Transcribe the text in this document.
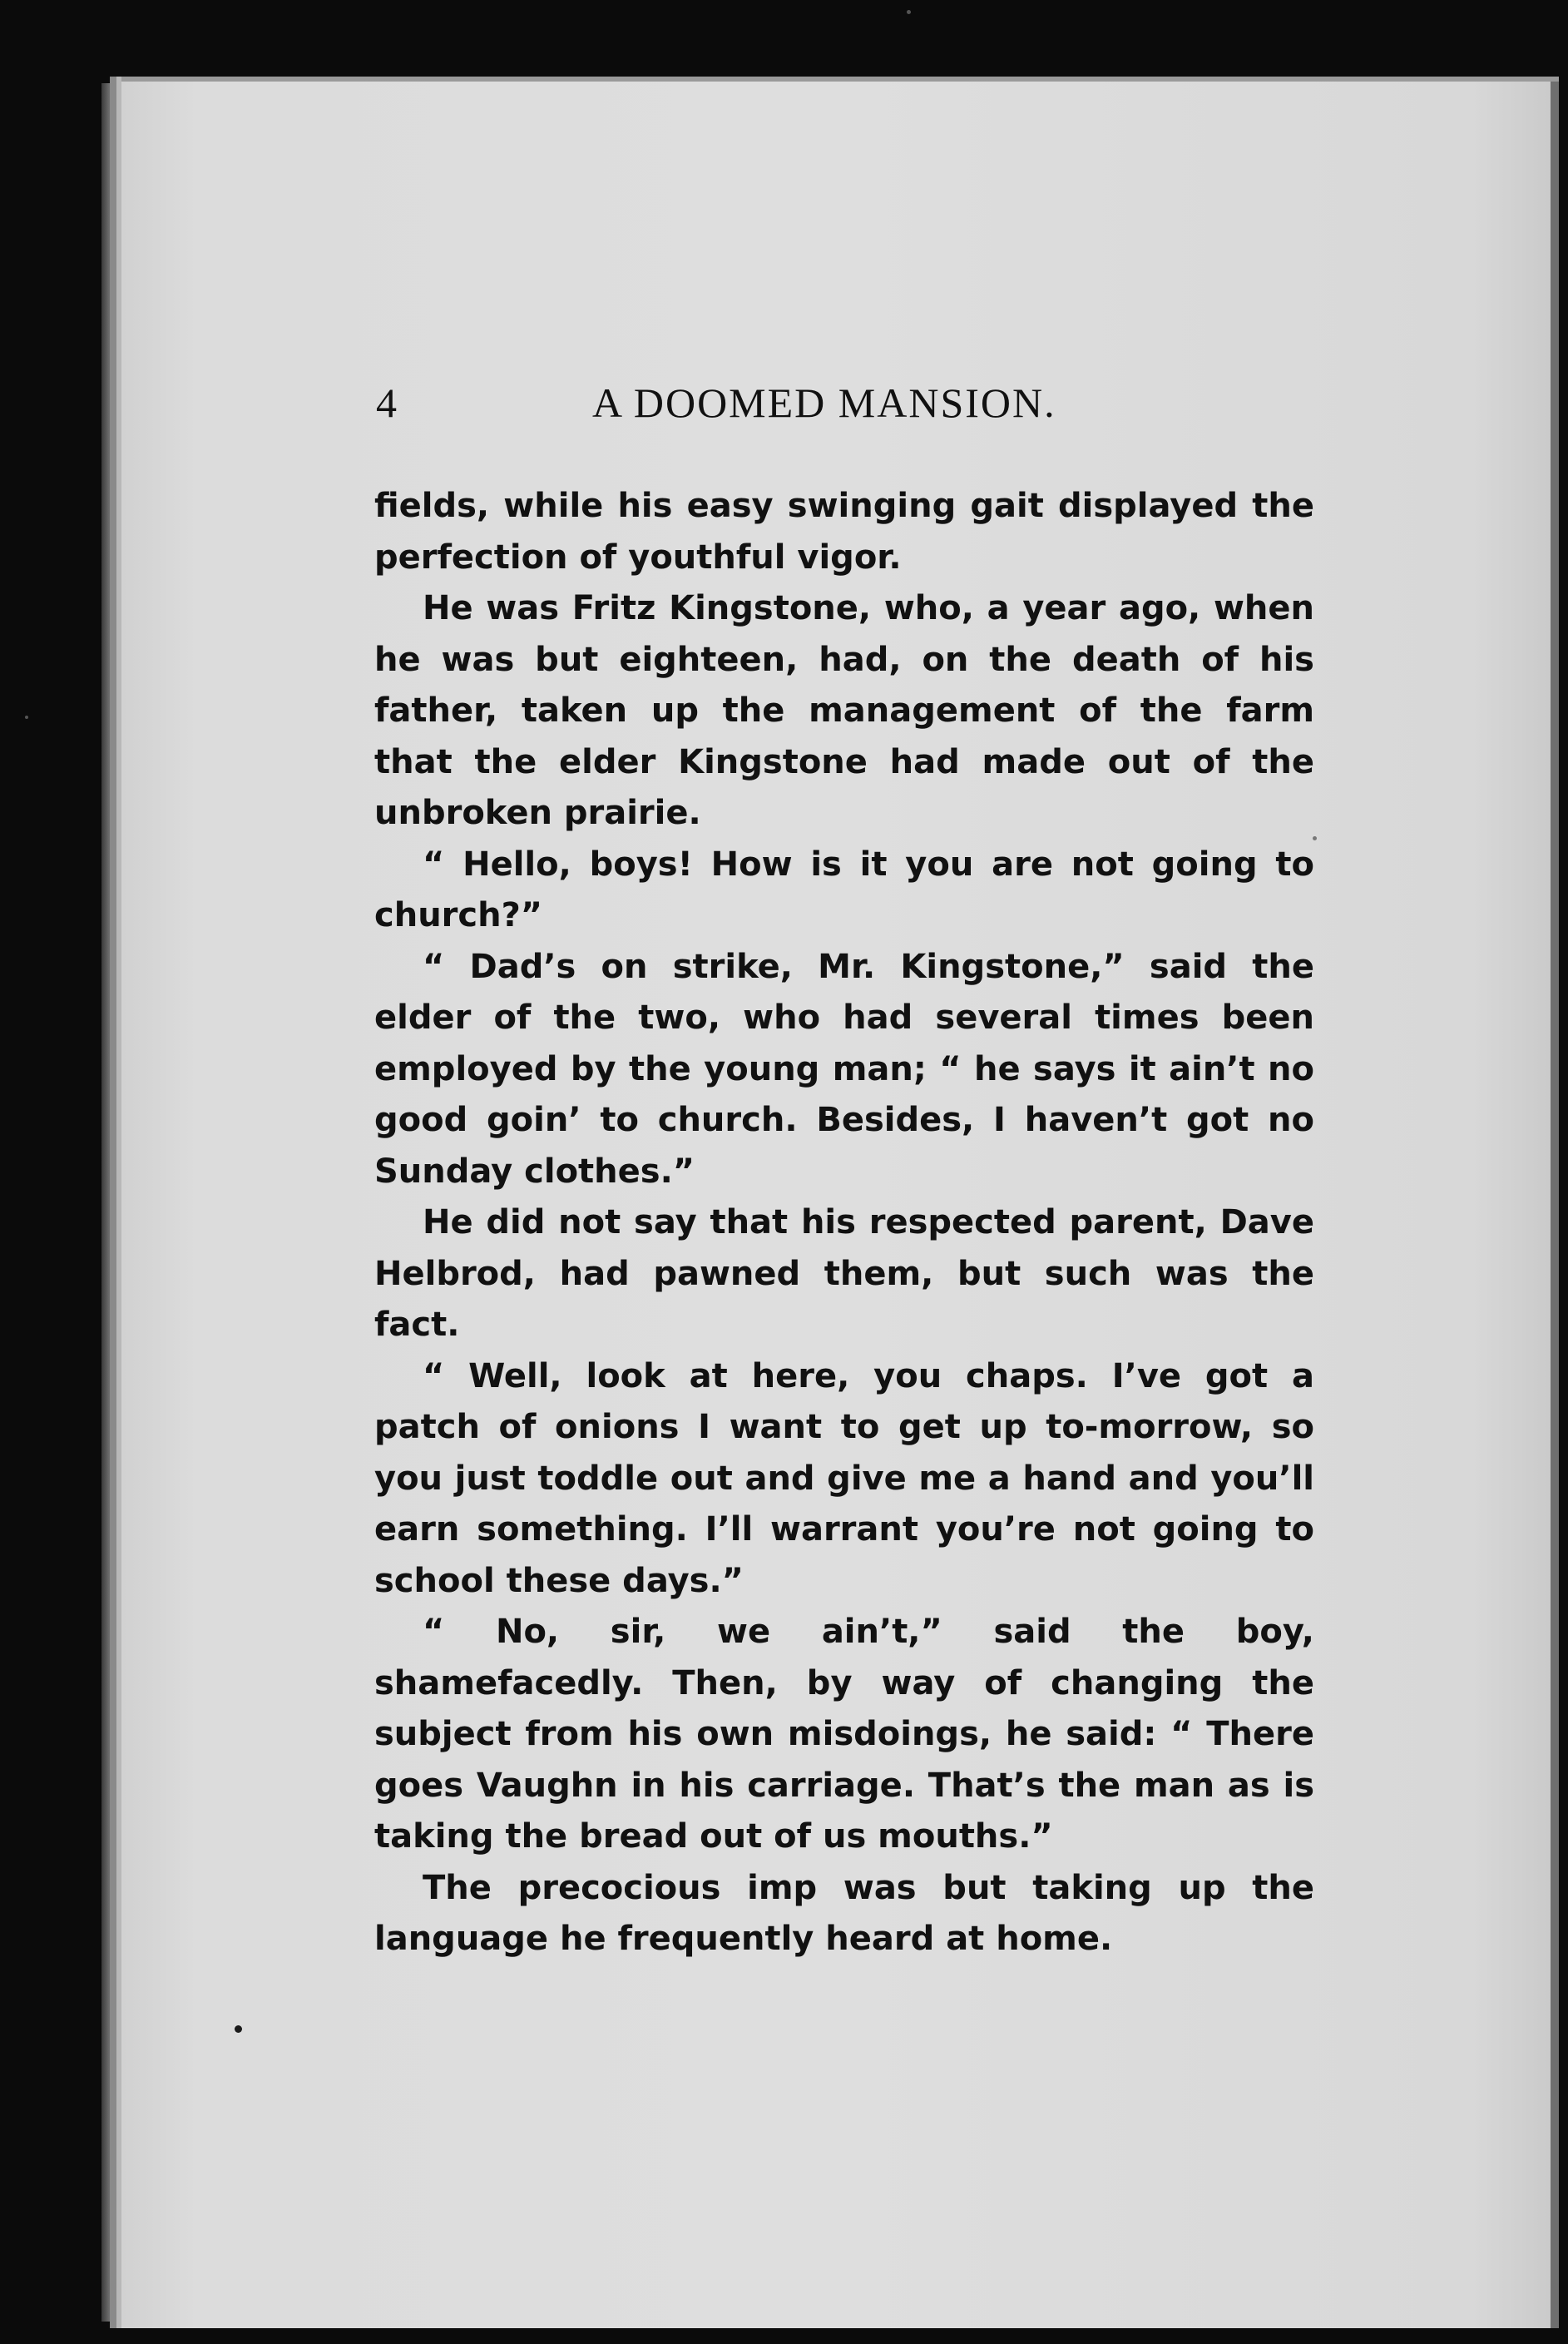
4	A DOOMED MANSION.

fields, while his easy swinging gait displayed the perfection of youthful vigor.

He was Fritz Kingstone, who, a year ago, when he was but eighteen, had, on the death of his father, taken up the management of the farm that the elder Kingstone had made out of the unbroken prairie.

“ Hello, boys! How is it you are not going to church?”

“ Dad’s on strike, Mr. Kingstone,” said the elder of the two, who had several times been employed by the young man; “ he says it ain’t no good goin’ to church. Besides, I haven’t got no Sunday clothes.”

He did not say that his respected parent, Dave Helbrod, had pawned them, but such was the fact.

“ Well, look at here, you chaps. I’ve got a patch of onions I want to get up to-morrow, so you just toddle out and give me a hand and you’ll earn something. I’ll warrant you’re not going to school these days.”

“ No, sir, we ain’t,” said the boy, shamefacedly. Then, by way of changing the subject from his own misdoings, he said: “ There goes Vaughn in his carriage. That’s the man as is taking the bread out of us mouths.”

The precocious imp was but taking up the language he frequently heard at home.
